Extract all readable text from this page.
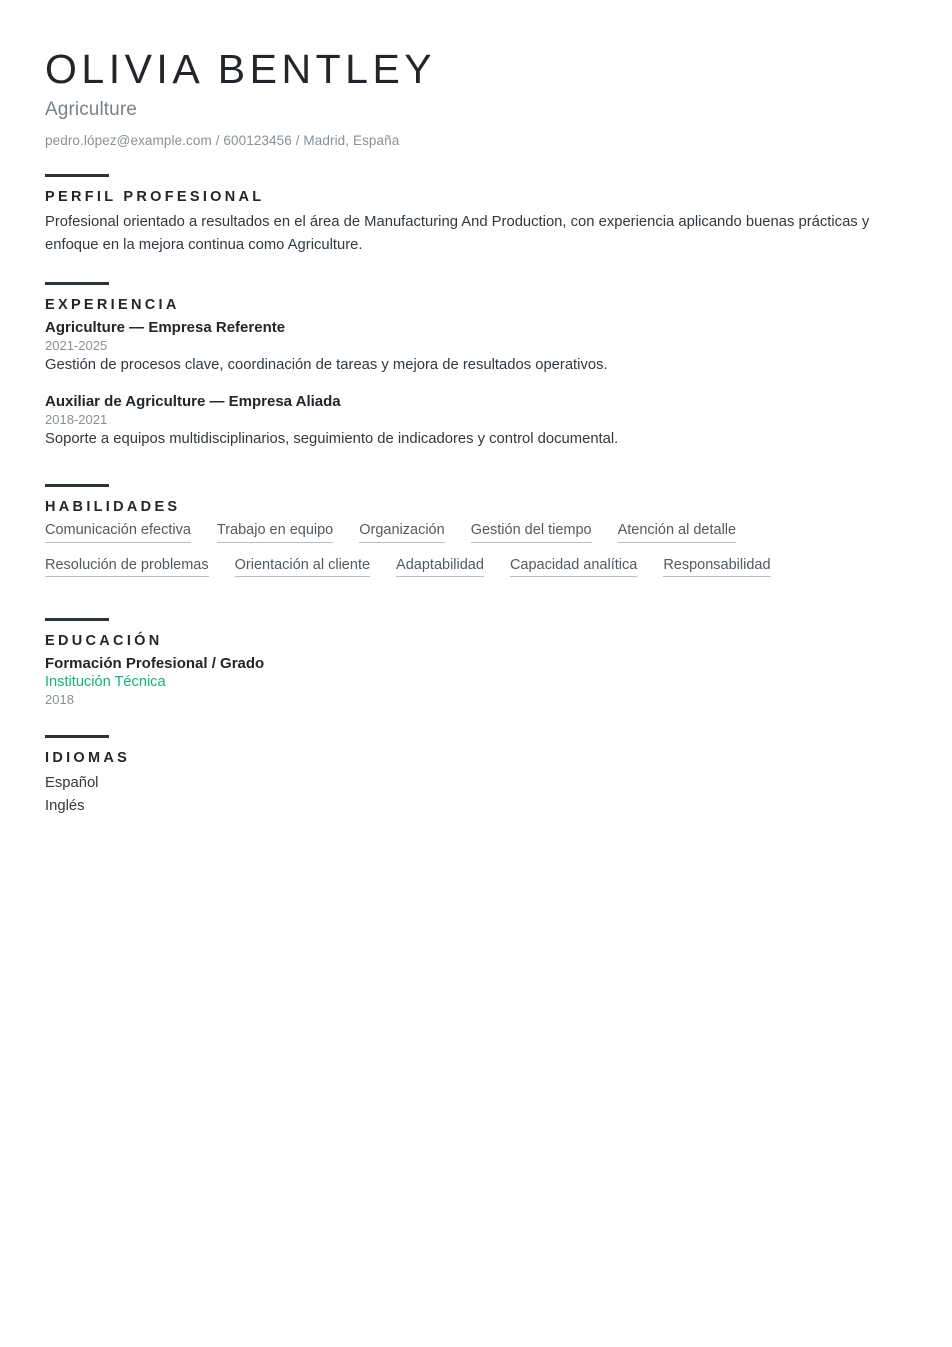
OLIVIA BENTLEY
Agriculture
pedro.lópez@example.com / 600123456 / Madrid, España
PERFIL PROFESIONAL

Profesional orientado a resultados en el área de Manufacturing And Production, con experiencia aplicando buenas prácticas y enfoque en la mejora continua como Agriculture.

EXPERIENCIA
Agriculture — Empresa Referente
2021-2025
Gestión de procesos clave, coordinación de tareas y mejora de resultados operativos.
Auxiliar de Agriculture — Empresa Aliada
2018-2021
Soporte a equipos multidisciplinarios, seguimiento de indicadores y control documental.
HABILIDADES
Comunicación efectiva Trabajo en equipo Organización Gestión del tiempo Atención al detalle
Resolución de problemas Orientación al cliente Adaptabilidad Capacidad analítica Responsabilidad
EDUCACIÓN
Formación Profesional / Grado
Institución Técnica
2018
IDIOMAS

Español

Inglés
